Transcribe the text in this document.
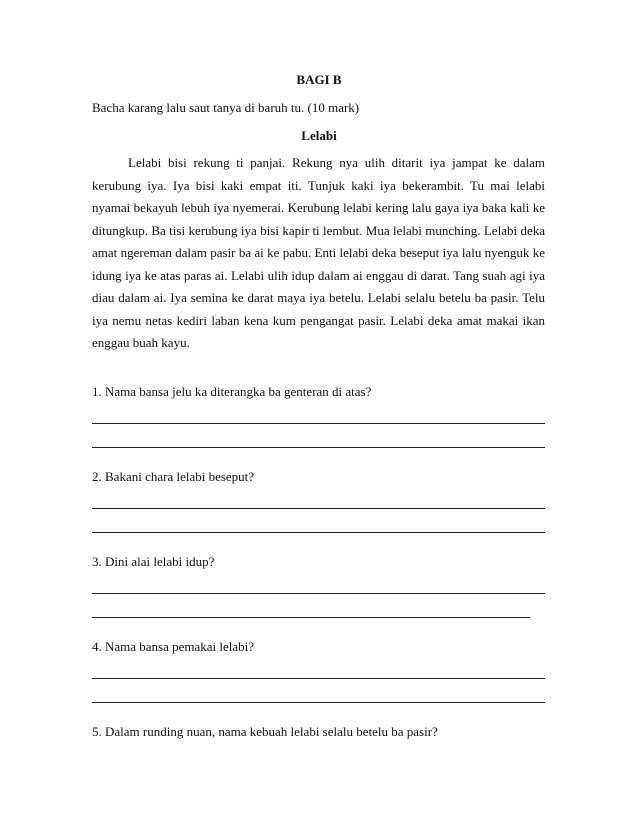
BAGI B
Bacha karang lalu saut tanya di baruh tu. (10 mark)
Lelabi

Lelabi bisi rekung ti panjai. Rekung nya ulih ditarit iya jampat ke dalam kerubung iya. Iya bisi kaki empat iti. Tunjuk kaki iya bekerambit. Tu mai lelabi nyamai bekayuh lebuh iya nyemerai. Kerubung lelabi kering lalu gaya iya baka kali ke ditungkup. Ba tisi kerubung iya bisi kapir ti lembut. Mua lelabi munching. Lelabi deka amat ngereman dalam pasir ba ai ke pabu. Enti lelabi deka beseput iya lalu nyenguk ke idung iya ke atas paras ai. Lelabi ulih idup dalam ai enggau di darat. Tang suah agi iya diau dalam ai. Iya semina ke darat maya iya betelu. Lelabi selalu betelu ba pasir. Telu iya nemu netas kediri laban kena kum pengangat pasir. Lelabi deka amat makai ikan enggau buah kayu.

1. Nama bansa jelu ka diterangka ba genteran di atas?
2. Bakani chara lelabi beseput?
3. Dini alai lelabi idup?
4. Nama bansa pemakai lelabi?
5. Dalam runding nuan, nama kebuah lelabi selalu betelu ba pasir?
